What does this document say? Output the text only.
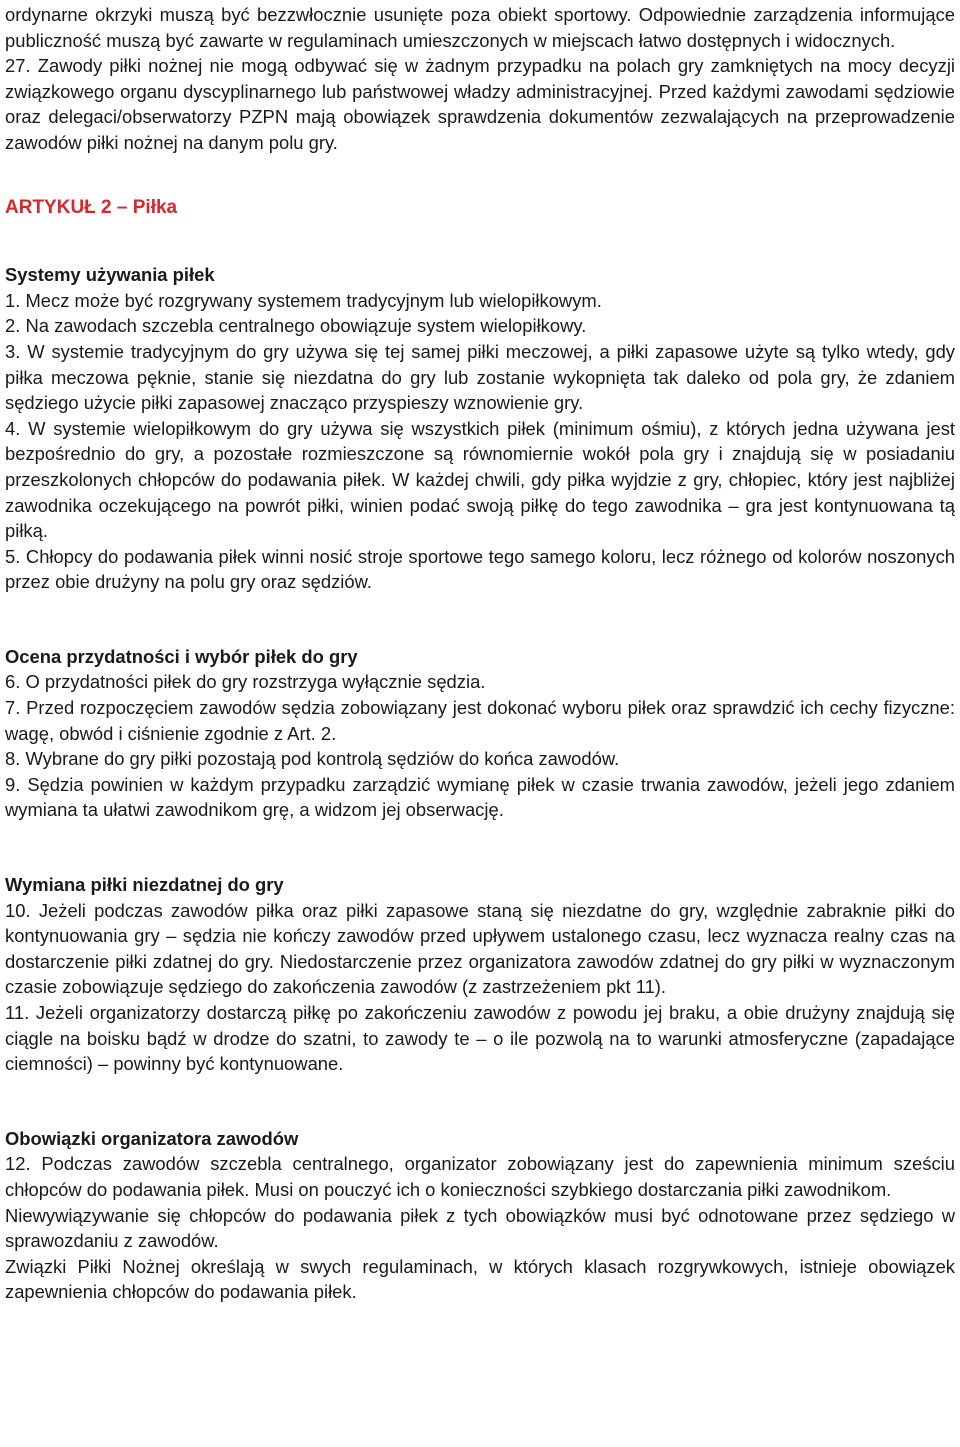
ordynarne okrzyki muszą być bezzwłocznie usunięte poza obiekt sportowy. Odpowiednie zarządzenia informujące publiczność muszą być zawarte w regulaminach umieszczonych w miejscach łatwo dostępnych i widocznych.

27. Zawody piłki nożnej nie mogą odbywać się w żadnym przypadku na polach gry zamkniętych na mocy decyzji związkowego organu dyscyplinarnego lub państwowej władzy administracyjnej. Przed każdymi zawodami sędziowie oraz delegaci/obserwatorzy PZPN mają obowiązek sprawdzenia dokumentów zezwalających na przeprowadzenie zawodów piłki nożnej na danym polu gry.

ARTYKUŁ 2 – Piłka
Systemy używania piłek

1. Mecz może być rozgrywany systemem tradycyjnym lub wielopiłkowym.

2. Na zawodach szczebla centralnego obowiązuje system wielopiłkowy.

3. W systemie tradycyjnym do gry używa się tej samej piłki meczowej, a piłki zapasowe użyte są tylko wtedy, gdy piłka meczowa pęknie, stanie się niezdatna do gry lub zostanie wykopnięta tak daleko od pola gry, że zdaniem sędziego użycie piłki zapasowej znacząco przyspieszy wznowienie gry.

4. W systemie wielopiłkowym do gry używa się wszystkich piłek (minimum ośmiu), z których jedna używana jest bezpośrednio do gry, a pozostałe rozmieszczone są równomiernie wokół pola gry i znajdują się w posiadaniu przeszkolonych chłopców do podawania piłek. W każdej chwili, gdy piłka wyjdzie z gry, chłopiec, który jest najbliżej zawodnika oczekującego na powrót piłki, winien podać swoją piłkę do tego zawodnika – gra jest kontynuowana tą piłką.

5. Chłopcy do podawania piłek winni nosić stroje sportowe tego samego koloru, lecz różnego od kolorów noszonych przez obie drużyny na polu gry oraz sędziów.

Ocena przydatności i wybór piłek do gry

6. O przydatności piłek do gry rozstrzyga wyłącznie sędzia.

7. Przed rozpoczęciem zawodów sędzia zobowiązany jest dokonać wyboru piłek oraz sprawdzić ich cechy fizyczne: wagę, obwód i ciśnienie zgodnie z Art. 2.

8. Wybrane do gry piłki pozostają pod kontrolą sędziów do końca zawodów.

9. Sędzia powinien w każdym przypadku zarządzić wymianę piłek w czasie trwania zawodów, jeżeli jego zdaniem wymiana ta ułatwi zawodnikom grę, a widzom jej obserwację.

Wymiana piłki niezdatnej do gry

10. Jeżeli podczas zawodów piłka oraz piłki zapasowe staną się niezdatne do gry, względnie zabraknie piłki do kontynuowania gry – sędzia nie kończy zawodów przed upływem ustalonego czasu, lecz wyznacza realny czas na dostarczenie piłki zdatnej do gry. Niedostarczenie przez organizatora zawodów zdatnej do gry piłki w wyznaczonym czasie zobowiązuje sędziego do zakończenia zawodów (z zastrzeżeniem pkt 11).

11. Jeżeli organizatorzy dostarczą piłkę po zakończeniu zawodów z powodu jej braku, a obie drużyny znajdują się ciągle na boisku bądź w drodze do szatni, to zawody te – o ile pozwolą na to warunki atmosferyczne (zapadające ciemności) – powinny być kontynuowane.

Obowiązki organizatora zawodów

12. Podczas zawodów szczebla centralnego, organizator zobowiązany jest do zapewnienia minimum sześciu chłopców do podawania piłek. Musi on pouczyć ich o konieczności szybkiego dostarczania piłki zawodnikom.

Niewywiązywanie się chłopców do podawania piłek z tych obowiązków musi być odnotowane przez sędziego w sprawozdaniu z zawodów.

Związki Piłki Nożnej określają w swych regulaminach, w których klasach rozgrywkowych, istnieje obowiązek zapewnienia chłopców do podawania piłek.
